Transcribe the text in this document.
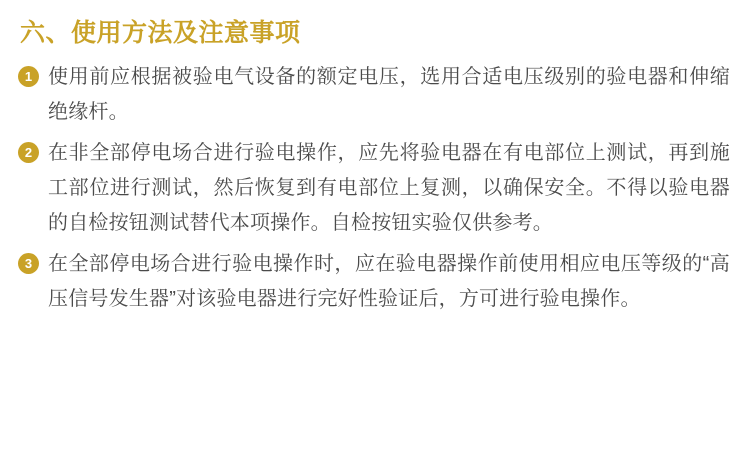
六、使用方法及注意事项
1 使用前应根据被验电气设备的额定电压，选用合适电压级别的验电器和伸缩绝缘杆。
2 在非全部停电场合进行验电操作，应先将验电器在有电部位上测试，再到施工部位进行测试，然后恢复到有电部位上复测，以确保安全。不得以验电器的自检按钮测试替代本项操作。自检按钮实验仅供参考。
3 在全部停电场合进行验电操作时，应在验电器操作前使用相应电压等级的“高压信号发生器”对该验电器进行完好性验证后，方可进行验电操作。
